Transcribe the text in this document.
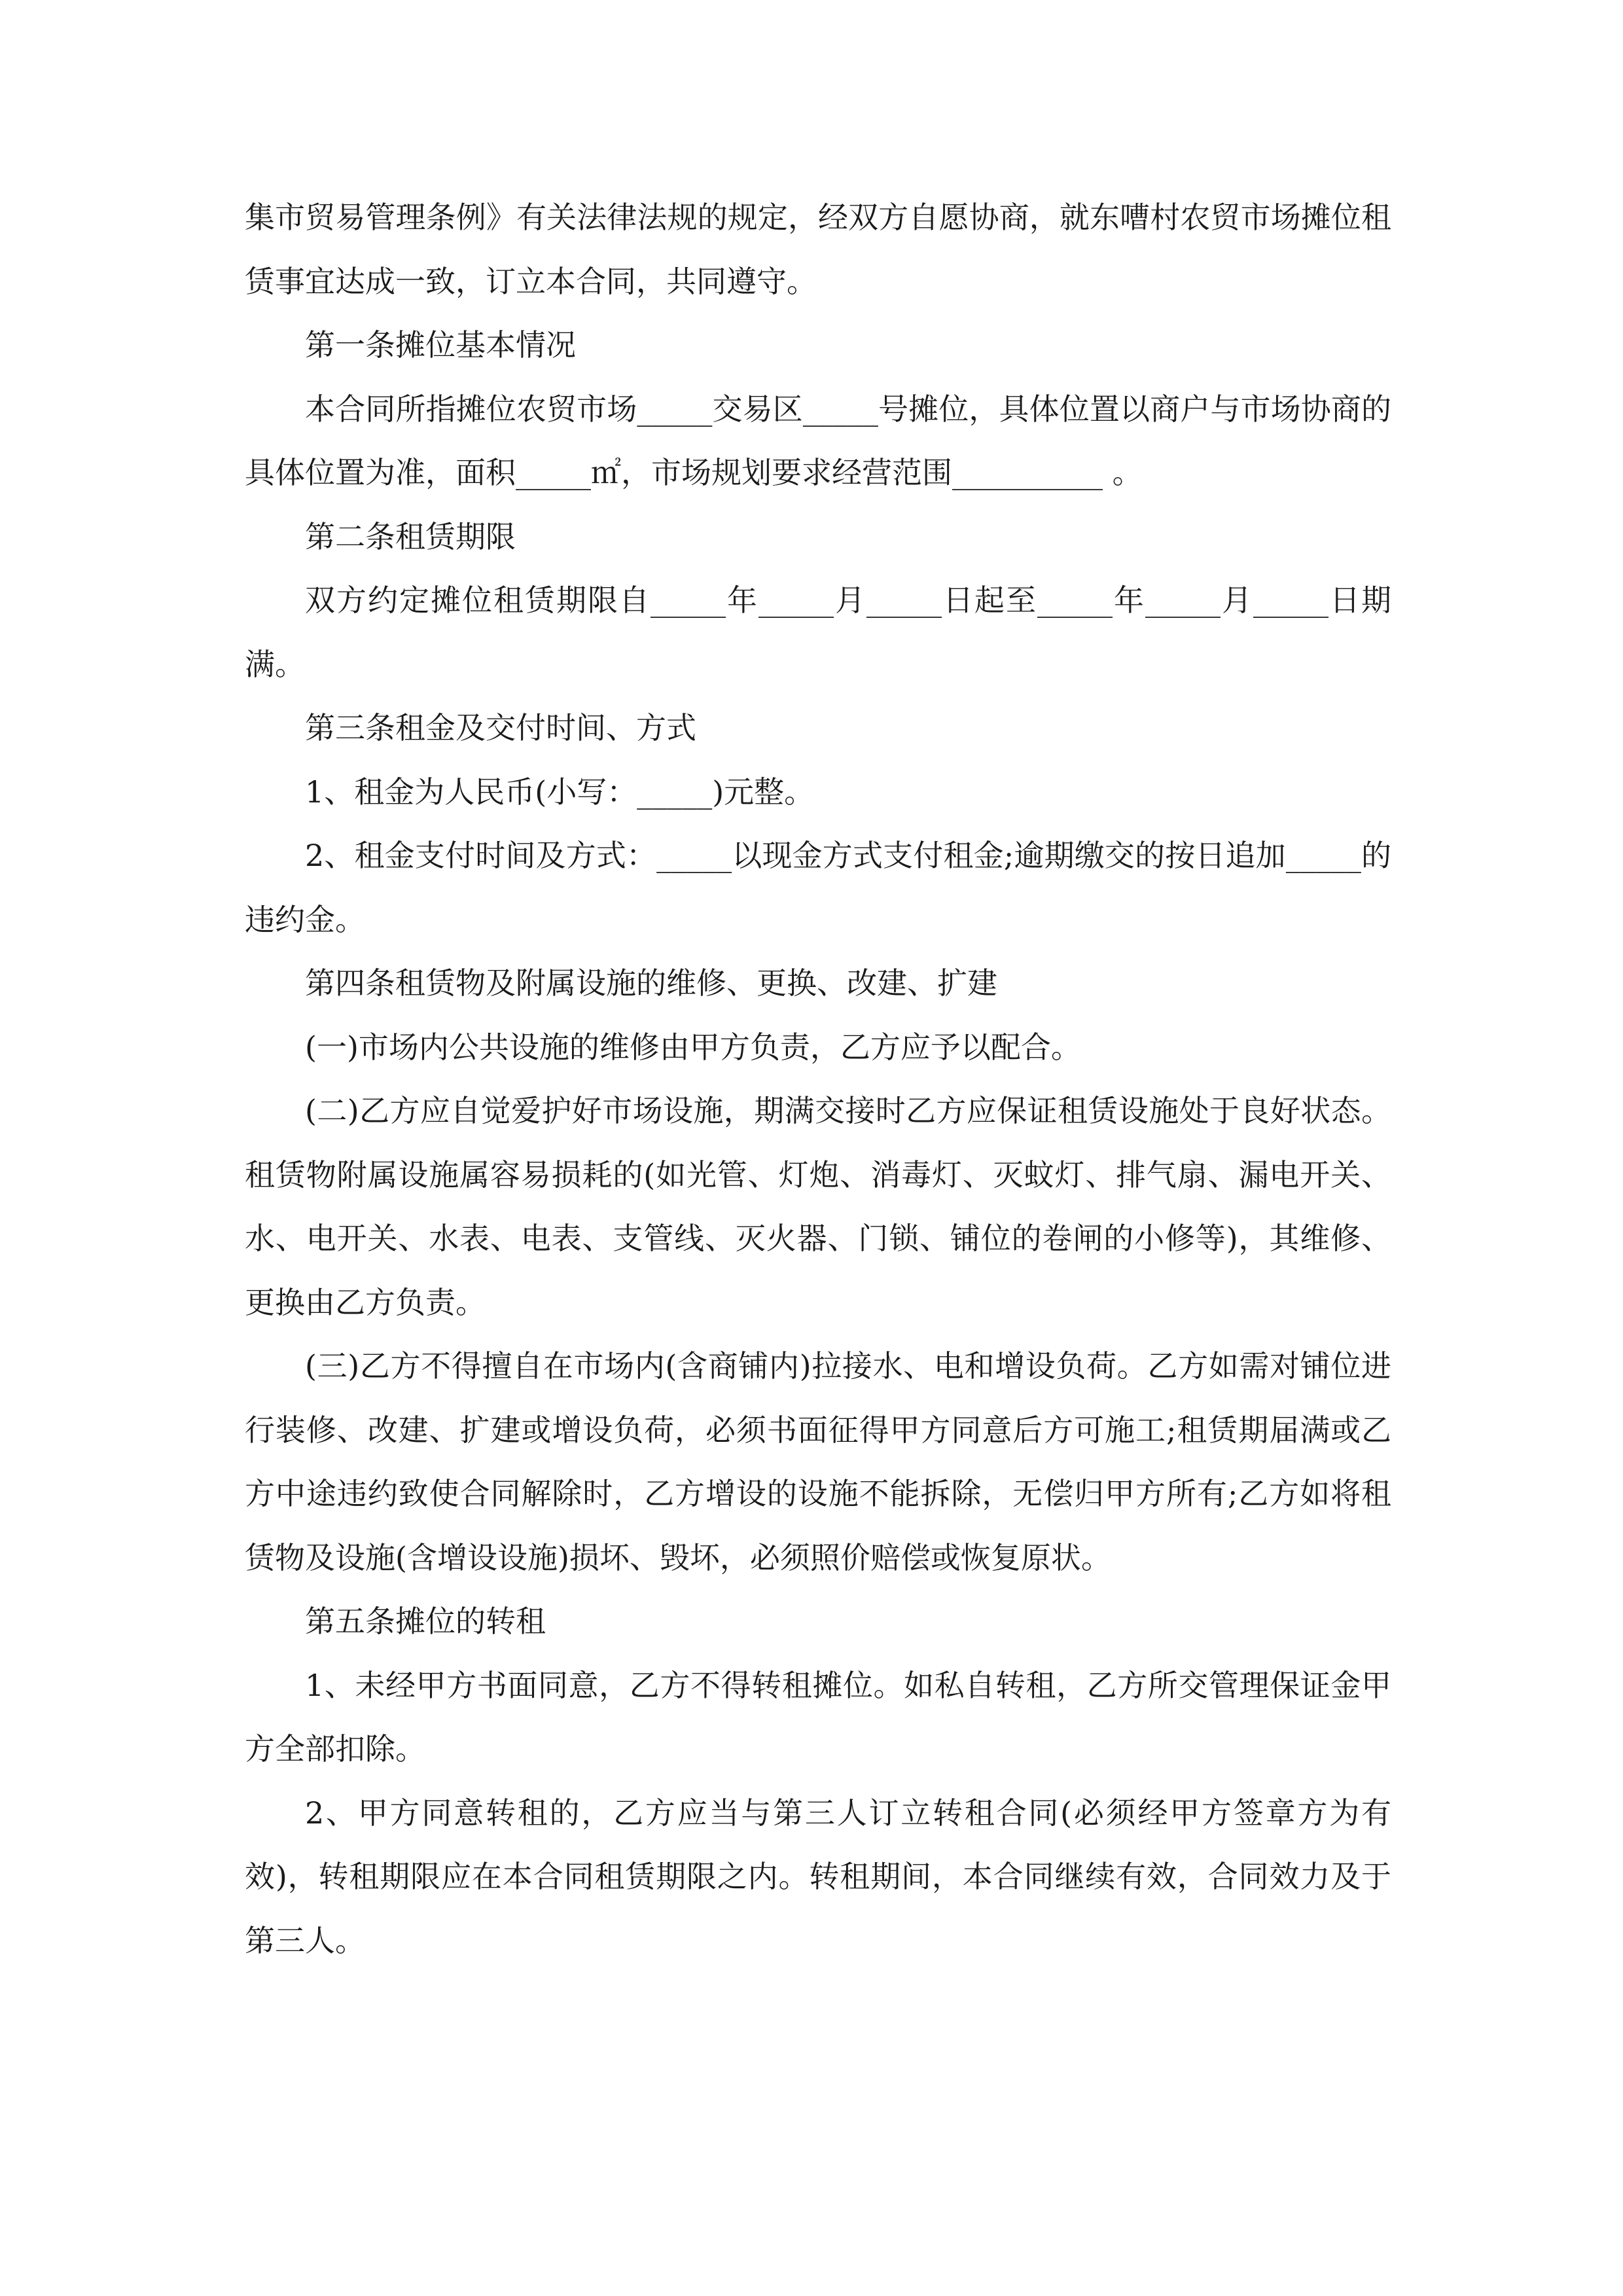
集市贸易管理条例》有关法律法规的规定，经双方自愿协商，就东嘈村农贸市场摊位租赁事宜达成一致，订立本合同，共同遵守。

第一条摊位基本情况

本合同所指摊位农贸市场_____交易区_____号摊位，具体位置以商户与市场协商的具体位置为准，面积_____㎡，市场规划要求经营范围__________ 。

第二条租赁期限

双方约定摊位租赁期限自_____年_____月_____日起至_____年_____月_____日期满。

第三条租金及交付时间、方式

1、租金为人民币(小写：_____)元整。

2、租金支付时间及方式：_____以现金方式支付租金;逾期缴交的按日追加_____的违约金。

第四条租赁物及附属设施的维修、更换、改建、扩建

(一)市场内公共设施的维修由甲方负责，乙方应予以配合。

(二)乙方应自觉爱护好市场设施，期满交接时乙方应保证租赁设施处于良好状态。租赁物附属设施属容易损耗的(如光管、灯炮、消毒灯、灭蚊灯、排气扇、漏电开关、水、电开关、水表、电表、支管线、灭火器、门锁、铺位的卷闸的小修等)，其维修、更换由乙方负责。

(三)乙方不得擅自在市场内(含商铺内)拉接水、电和增设负荷。乙方如需对铺位进行装修、改建、扩建或增设负荷，必须书面征得甲方同意后方可施工;租赁期届满或乙方中途违约致使合同解除时，乙方增设的设施不能拆除，无偿归甲方所有;乙方如将租赁物及设施(含增设设施)损坏、毁坏，必须照价赔偿或恢复原状。

第五条摊位的转租

1、未经甲方书面同意，乙方不得转租摊位。如私自转租，乙方所交管理保证金甲方全部扣除。

2、甲方同意转租的，乙方应当与第三人订立转租合同(必须经甲方签章方为有效)，转租期限应在本合同租赁期限之内。转租期间，本合同继续有效，合同效力及于第三人。
